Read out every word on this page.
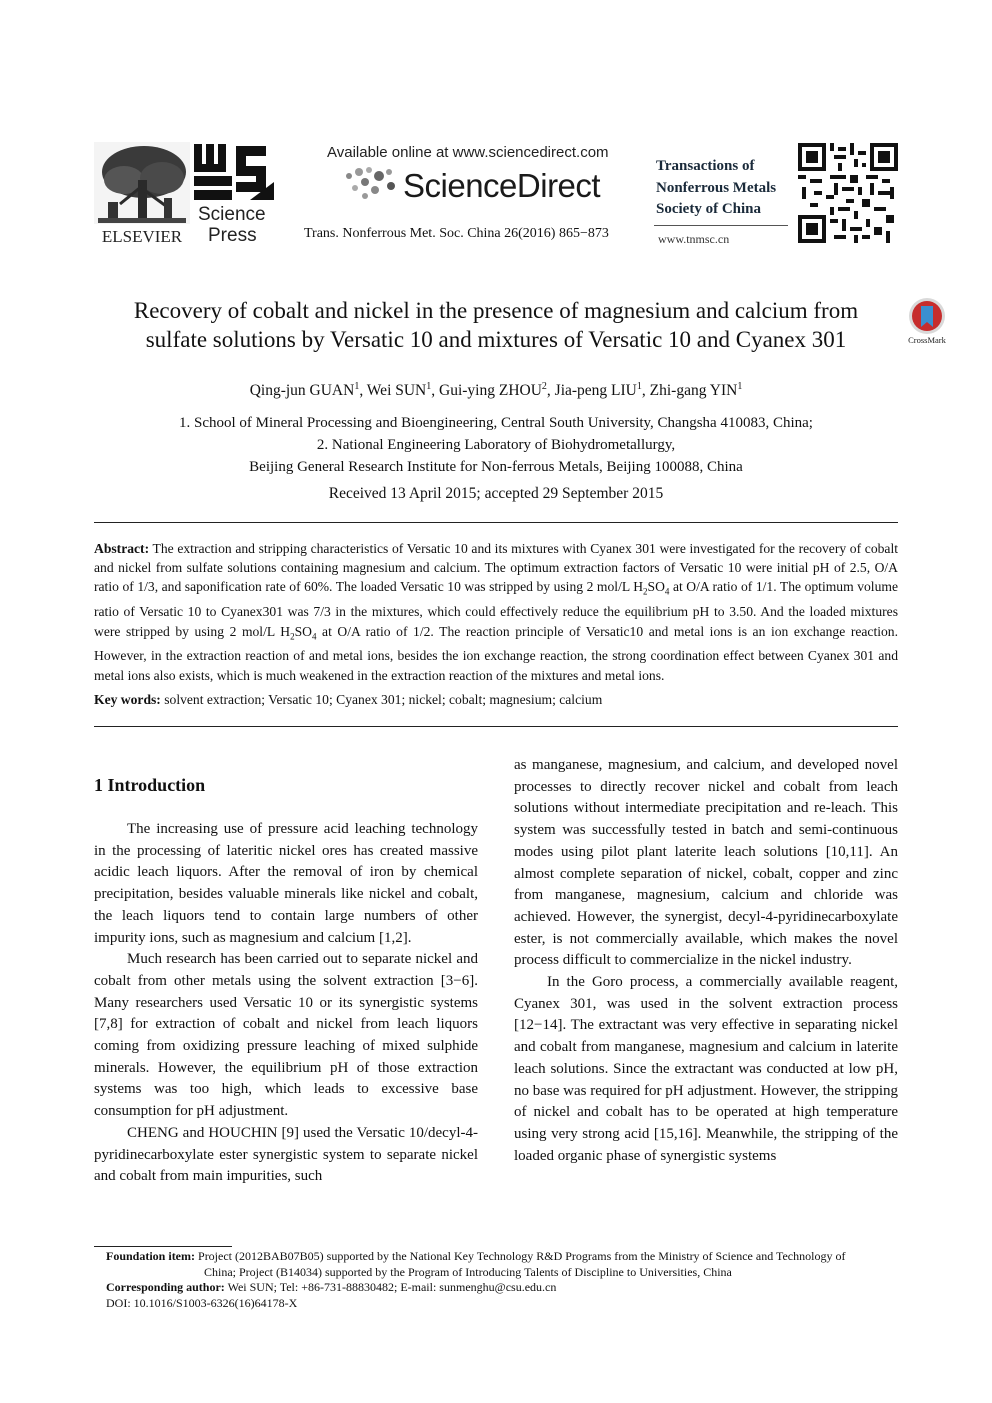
ELSEVIER
Science
Press
Available online at www.sciencedirect.com
ScienceDirect
Trans. Nonferrous Met. Soc. China 26(2016) 865−873
Transactions of
Nonferrous Metals
Society of China
www.tnmsc.cn
Recovery of cobalt and nickel in the presence of magnesium and calcium from
sulfate solutions by Versatic 10 and mixtures of Versatic 10 and Cyanex 301	CrossMark
Qing-jun GUAN$^1$, Wei SUN$^1$, Gui-ying ZHOU$^2$, Jia-peng LIU$^1$, Zhi-gang YIN$^1$
1. School of Mineral Processing and Bioengineering, Central South University, Changsha 410083, China;
2. National Engineering Laboratory of Biohydrometallurgy,
Beijing General Research Institute for Non-ferrous Metals, Beijing 100088, China
Received 13 April 2015; accepted 29 September 2015
Abstract: The extraction and stripping characteristics of Versatic 10 and its mixtures with Cyanex 301 were investigated for the recovery of cobalt and nickel from sulfate solutions containing magnesium and calcium. The optimum extraction factors of Versatic 10 were initial pH of 2.5, O/A ratio of 1/3, and saponification rate of 60%. The loaded Versatic 10 was stripped by using 2 mol/L $H_2SO_4$ at O/A ratio of 1/1. The optimum volume ratio of Versatic 10 to Cyanex301 was 7/3 in the mixtures, which could effectively reduce the equilibrium pH to 3.50. And the loaded mixtures were stripped by using 2 mol/L $H_2SO_4$ at O/A ratio of 1/2. The reaction principle of Versatic10 and metal ions is an ion exchange reaction. However, in the extraction reaction of and metal ions, besides the ion exchange reaction, the strong coordination effect between Cyanex 301 and metal ions also exists, which is much weakened in the extraction reaction of the mixtures and metal ions.
Key words: solvent extraction; Versatic 10; Cyanex 301; nickel; cobalt; magnesium; calcium
1 Introduction

The increasing use of pressure acid leaching technology in the processing of lateritic nickel ores has created massive acidic leach liquors. After the removal of iron by chemical precipitation, besides valuable minerals like nickel and cobalt, the leach liquors tend to contain large numbers of other impurity ions, such as magnesium and calcium [1,2].

Much research has been carried out to separate nickel and cobalt from other metals using the solvent extraction [3−6]. Many researchers used Versatic 10 or its synergistic systems [7,8] for extraction of cobalt and nickel from leach liquors coming from oxidizing pressure leaching of mixed sulphide minerals. However, the equilibrium pH of those extraction systems was too high, which leads to excessive base consumption for pH adjustment.

CHENG and HOUCHIN [9] used the Versatic 10/decyl-4-pyridinecarboxylate ester synergistic system to separate nickel and cobalt from main impurities, such

as manganese, magnesium, and calcium, and developed novel processes to directly recover nickel and cobalt from leach solutions without intermediate precipitation and re-leach. This system was successfully tested in batch and semi-continuous modes using pilot plant laterite leach solutions [10,11]. An almost complete separation of nickel, cobalt, copper and zinc from manganese, magnesium, calcium and chloride was achieved. However, the synergist, decyl-4-pyridinecarboxylate ester, is not commercially available, which makes the novel process difficult to commercialize in the nickel industry.

In the Goro process, a commercially available reagent, Cyanex 301, was used in the solvent extraction process [12−14]. The extractant was very effective in separating nickel and cobalt from manganese, magnesium and calcium in laterite leach solutions. Since the extractant was conducted at low pH, no base was required for pH adjustment. However, the stripping of nickel and cobalt has to be operated at high temperature using very strong acid [15,16]. Meanwhile, the stripping of the loaded organic phase of synergistic systems

Foundation item: Project (2012BAB07B05) supported by the National Key Technology R&D Programs from the Ministry of Science and Technology of
China; Project (B14034) supported by the Program of Introducing Talents of Discipline to Universities, China
Corresponding author: Wei SUN; Tel: +86-731-88830482; E-mail: sunmenghu@csu.edu.cn
DOI: 10.1016/S1003-6326(16)64178-X
